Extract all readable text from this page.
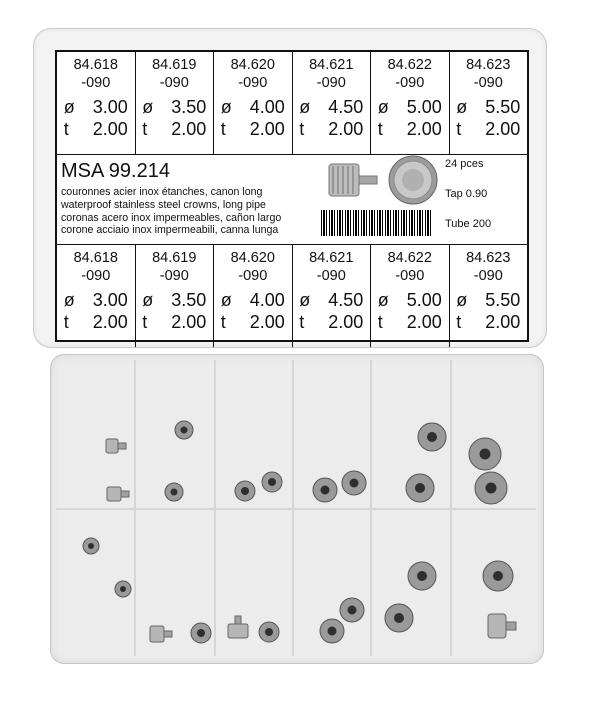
84.618
-090
ø 3.00
t 2.00
84.619
-090
ø 3.50
t 2.00
84.620
-090
ø 4.00
t 2.00
84.621
-090
ø 4.50
t 2.00
84.622
-090
ø 5.00
t 2.00
84.623
-090
ø 5.50
t 2.00
MSA 99.214
couronnes acier inox étanches, canon long
waterproof stainless steel crowns, long pipe
coronas acero inox impermeables, cañon largo
corone acciaio inox impermeabili, canna lunga
24 pces
Tap 0.90
Tube 200
84.618
-090
ø 3.00
t 2.00
84.619
-090
ø 3.50
t 2.00
84.620
-090
ø 4.00
t 2.00
84.621
-090
ø 4.50
t 2.00
84.622
-090
ø 5.00
t 2.00
84.623
-090
ø 5.50
t 2.00
